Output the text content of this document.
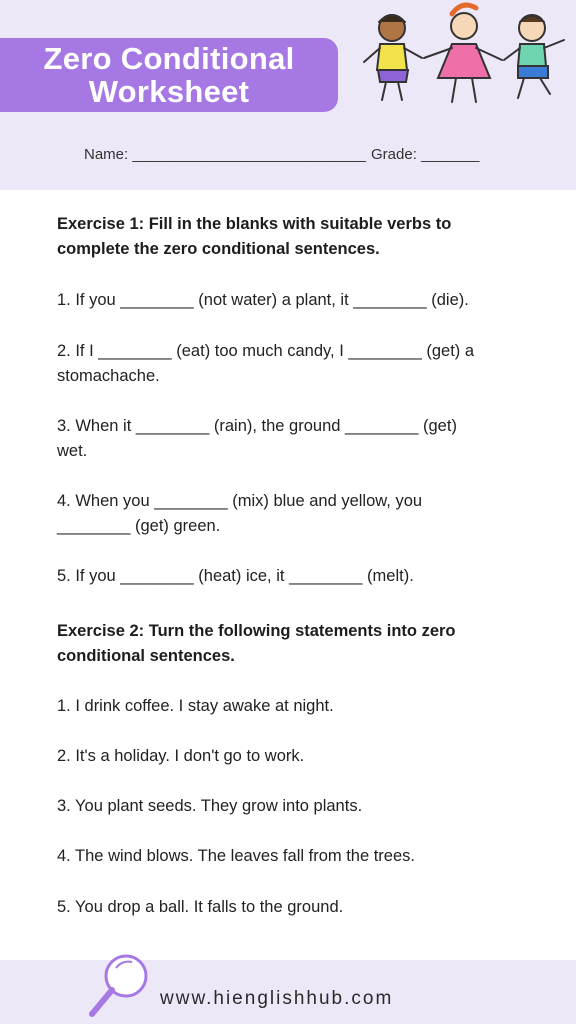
Zero Conditional
Worksheet
Name: ____________________________ Grade: _______
Exercise 1: Fill in the blanks with suitable verbs to
complete the zero conditional sentences.
1. If you ________ (not water) a plant, it ________ (die).
2. If I ________ (eat) too much candy, I ________ (get) a
stomachache.
3. When it ________ (rain), the ground ________ (get)
wet.
4. When you ________ (mix) blue and yellow, you
________ (get) green.
5. If you ________ (heat) ice, it ________ (melt).
Exercise 2: Turn the following statements into zero
conditional sentences.
1. I drink coffee. I stay awake at night.
2. It's a holiday. I don't go to work.
3. You plant seeds. They grow into plants.
4. The wind blows. The leaves fall from the trees.
5. You drop a ball. It falls to the ground.
www.hienglishhub.com
